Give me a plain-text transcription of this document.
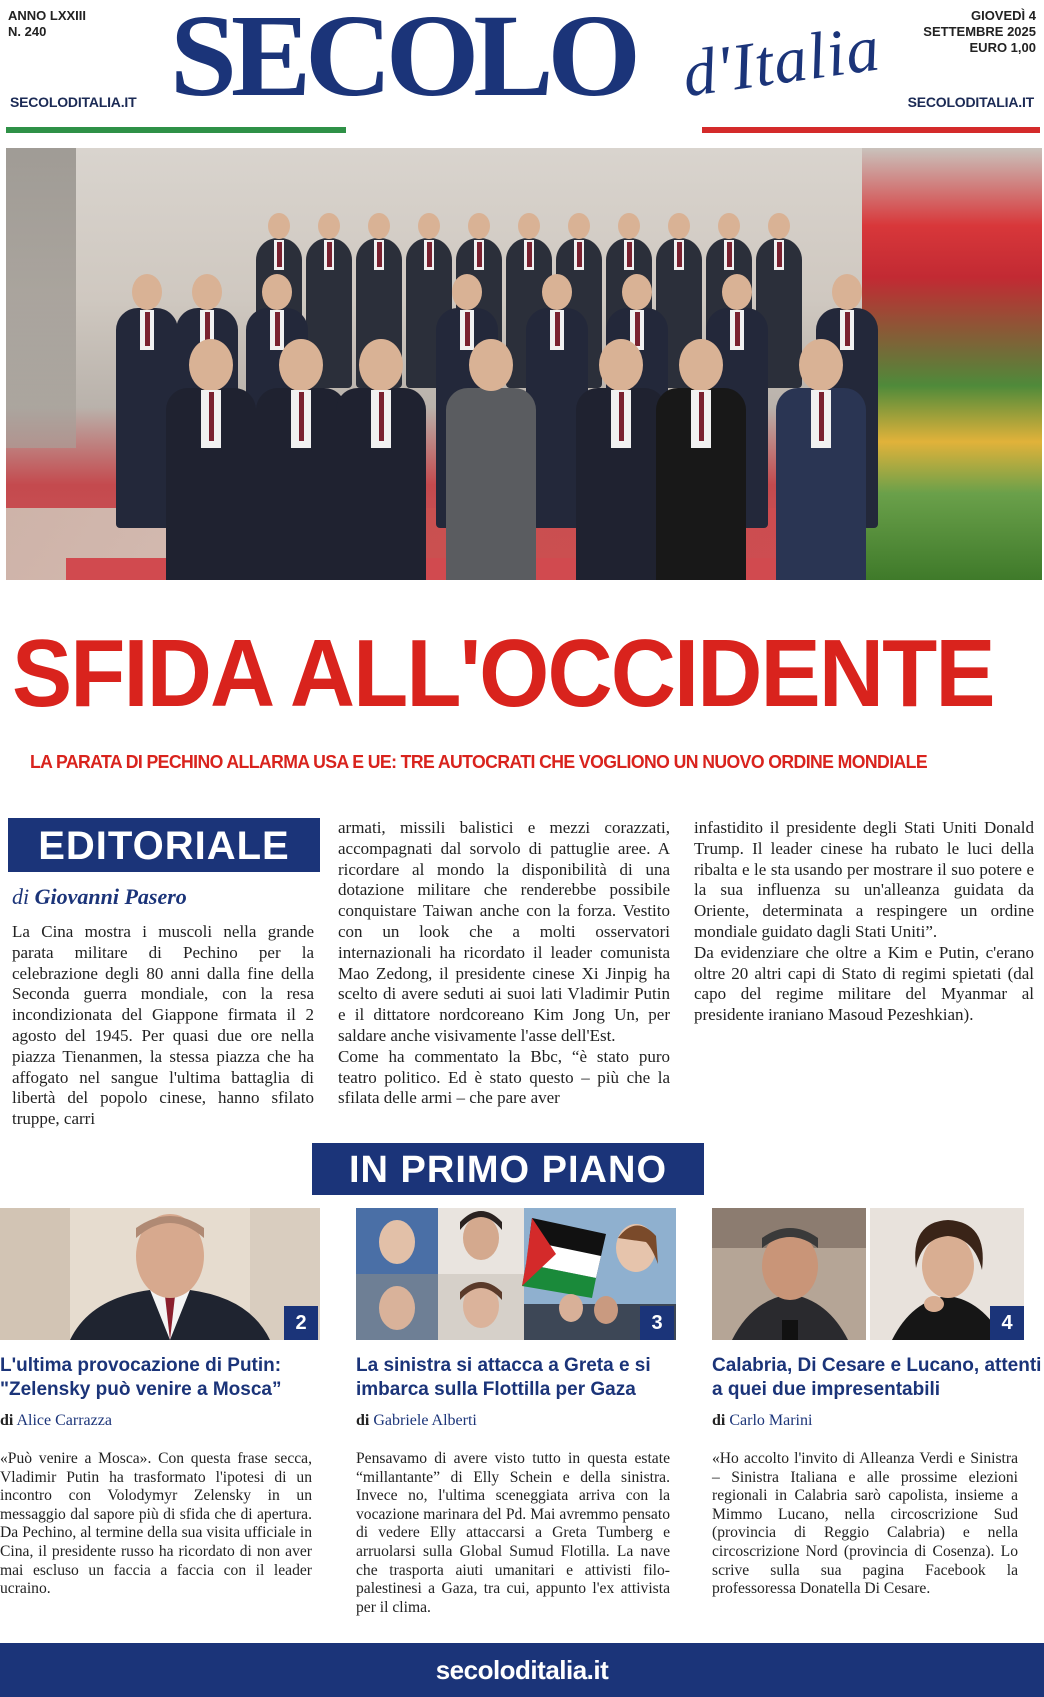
ANNO LXXIII
N. 240
GIOVEDÌ 4
SETTEMBRE 2025
EURO 1,00
SECOLODITALIA.IT	SECOLODITALIA.IT
SECOLO d'Italia
SFIDA ALL'OCCIDENTE
LA PARATA DI PECHINO ALLARMA USA E UE: TRE AUTOCRATI CHE VOGLIONO UN NUOVO ORDINE MONDIALE
EDITORIALE
di Giovanni Pasero

La Cina mostra i muscoli nella grande parata militare di Pechino per la celebrazione degli 80 anni dalla fine della Seconda guerra mondiale, con la resa incondizionata del Giappone firmata il 2 agosto del 1945. Per quasi due ore nella piazza Tienanmen, la stessa piazza che ha affogato nel sangue l'ultima battaglia di libertà del popolo cinese, hanno sfilato truppe, carri

armati, missili balistici e mezzi corazzati, accompagnati dal sorvolo di pattuglie aree. A ricordare al mondo la disponibilità di una dotazione militare che renderebbe possibile conquistare Taiwan anche con la forza. Vestito con un look che a molti osservatori internazionali ha ricordato il leader comunista Mao Zedong, il presidente cinese Xi Jinpig ha scelto di avere seduti ai suoi lati Vladimir Putin e il dittatore nordcoreano Kim Jong Un, per saldare anche visivamente l'asse dell'Est.

Come ha commentato la Bbc, “è stato puro teatro politico. Ed è stato questo – più che la sfilata delle armi – che pare aver

infastidito il presidente degli Stati Uniti Donald Trump. Il leader cinese ha rubato le luci della ribalta e le sta usando per mostrare il suo potere e la sua influenza su un'alleanza guidata da Oriente, determinata a respingere un ordine mondiale guidato dagli Stati Uniti”.

Da evidenziare che oltre a Kim e Putin, c'erano oltre 20 altri capi di Stato di regimi spietati (dal capo del regime militare del Myanmar al presidente iraniano Masoud Pezeshkian).

IN PRIMO PIANO
2
L'ultima provocazione di Putin: "Zelensky può venire a Mosca”
di Alice Carrazza

«Può venire a Mosca». Con questa frase secca, Vladimir Putin ha trasformato l'ipotesi di un incontro con Volodymyr Zelensky in un messaggio dal sapore più di sfida che di apertura. Da Pechino, al termine della sua visita ufficiale in Cina, il presidente russo ha ricordato di non aver mai escluso un faccia a faccia con il leader ucraino.

3
La sinistra si attacca a Greta e si imbarca sulla Flottilla per Gaza
di Gabriele Alberti

Pensavamo di avere visto tutto in questa estate “millantante” di Elly Schein e della sinistra. Invece no, l'ultima sceneggiata arriva con la vocazione marinara del Pd. Mai avremmo pensato di vedere Elly attaccarsi a Greta Tumberg e arruolarsi sulla Global Sumud Flotilla. La nave che trasporta aiuti umanitari e attivisti filo-palestinesi a Gaza, tra cui, appunto l'ex attivista per il clima.

4
Calabria, Di Cesare e Lucano, attenti a quei due impresentabili
di Carlo Marini

«Ho accolto l'invito di Alleanza Verdi e Sinistra – Sinistra Italiana e alle prossime elezioni regionali in Calabria sarò capolista, insieme a Mimmo Lucano, nella circoscrizione Sud (provincia di Reggio Calabria) e nella circoscrizione Nord (provincia di Cosenza). Lo scrive sulla sua pagina Facebook la professoressa Donatella Di Cesare.

secoloditalia.it
